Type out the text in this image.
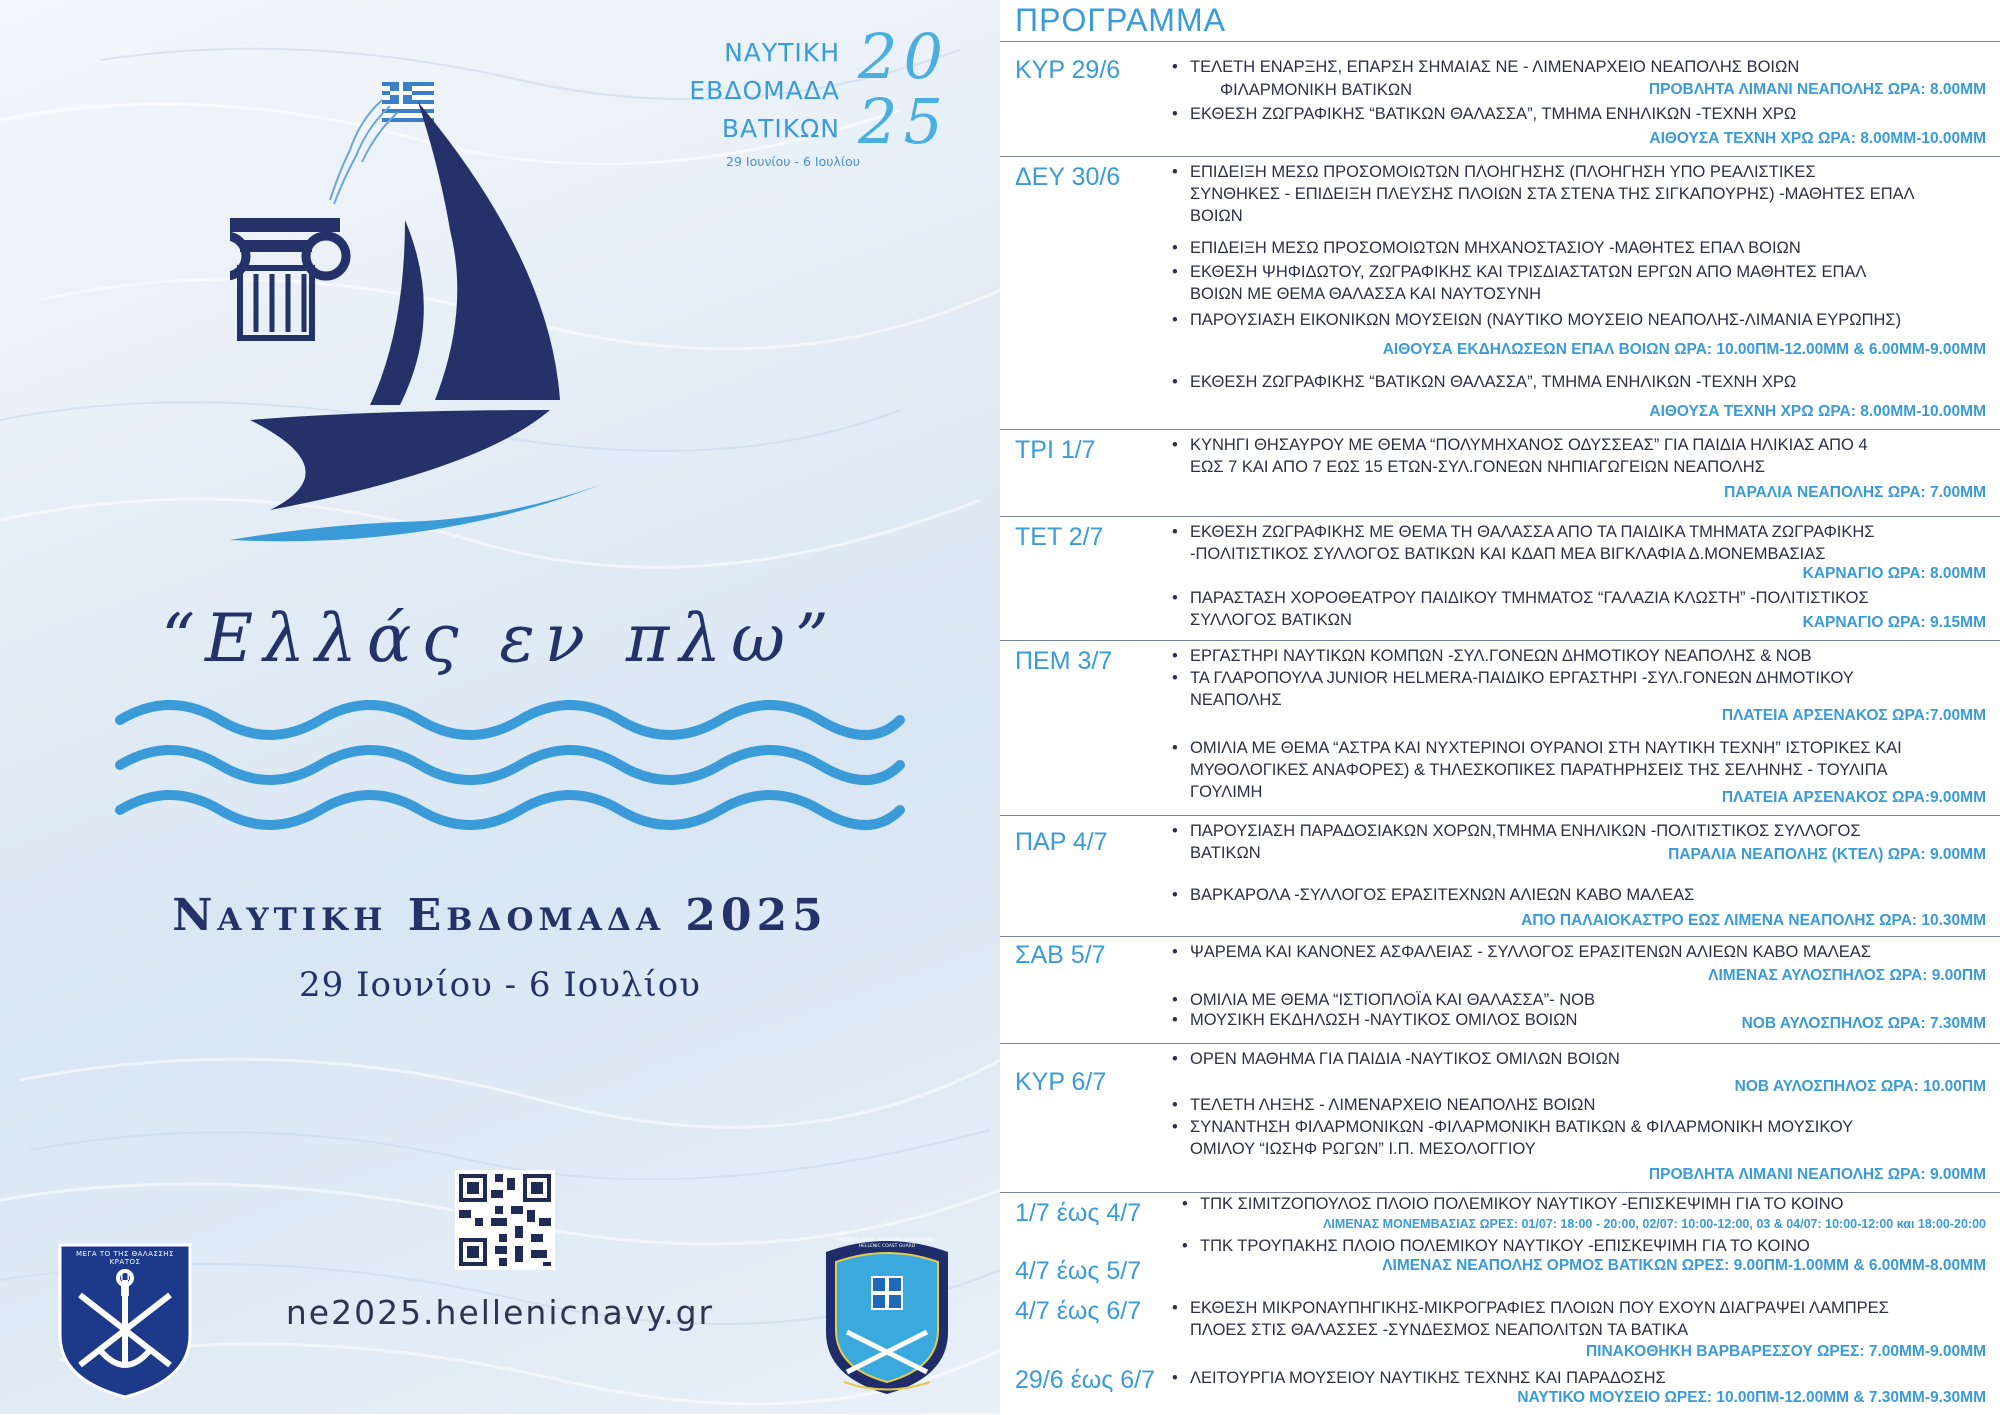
ΝΑΥΤΙΚΗ
ΕΒΔΟΜΑΔΑ
ΒΑΤΙΚΩΝ
20
25
29 Ιουνίου - 6 Ιουλίου
“Ελλάς εν πλω”
Ναυτικη Εβδομαδα 2025
29 Ιουνίου - 6 Ιουλίου
ne2025.hellenicnavy.gr
ΜΕΓΑ ΤΟ ΤΗΣ ΘΑΛΑΣΣΗΣ ΚΡΑΤΟΣ
Π Ν
ΛΙΜΕΝΙΚΟ ΣΩΜΑ - ΕΛΛΗΝΙΚΗ ΑΚΤΟΦΥΛΑΚΗ · HELLENIC COAST GUARD
ΠΡΟΓΡΑΜΜΑ
ΚΥΡ 29/6	• ΤΕΛΕΤΗ ΕΝΑΡΞΗΣ, ΕΠΑΡΣΗ ΣΗΜΑΙΑΣ ΝΕ - ΛΙΜΕΝΑΡΧΕΙΟ ΝΕΑΠΟΛΗΣ ΒΟΙΩΝ
ΦΙΛΑΡΜΟΝΙΚΗ ΒΑΤΙΚΩΝ	ΠΡΟΒΛΗΤΑ ΛΙΜΑΝΙ ΝΕΑΠΟΛΗΣ ΩΡΑ: 8.00ΜΜ
• ΕΚΘΕΣΗ ΖΩΓΡΑΦΙΚΗΣ “ΒΑΤΙΚΩΝ ΘΑΛΑΣΣΑ”, ΤΜΗΜΑ ΕΝΗΛΙΚΩΝ -ΤΕΧΝΗ ΧΡΩ
ΑΙΘΟΥΣΑ ΤΕΧΝΗ ΧΡΩ ΩΡΑ: 8.00ΜΜ-10.00ΜΜ
ΔΕΥ 30/6	• ΕΠΙΔΕΙΞΗ ΜΕΣΩ ΠΡΟΣΟΜΟΙΩΤΩΝ ΠΛΟΗΓΗΣΗΣ (ΠΛΟΗΓΗΣΗ ΥΠΟ ΡΕΑΛΙΣΤΙΚΕΣ
ΣΥΝΘΗΚΕΣ - ΕΠΙΔΕΙΞΗ ΠΛΕΥΣΗΣ ΠΛΟΙΩΝ ΣΤΑ ΣΤΕΝΑ ΤΗΣ ΣΙΓΚΑΠΟΥΡΗΣ) -ΜΑΘΗΤΕΣ ΕΠΑΛ
ΒΟΙΩΝ
• ΕΠΙΔΕΙΞΗ ΜΕΣΩ ΠΡΟΣΟΜΟΙΩΤΩΝ ΜΗΧΑΝΟΣΤΑΣΙΟΥ -ΜΑΘΗΤΕΣ ΕΠΑΛ ΒΟΙΩΝ
• ΕΚΘΕΣΗ ΨΗΦΙΔΩΤΟΥ, ΖΩΓΡΑΦΙΚΗΣ ΚΑΙ ΤΡΙΣΔΙΑΣΤΑΤΩΝ ΕΡΓΩΝ ΑΠΟ ΜΑΘΗΤΕΣ ΕΠΑΛ
ΒΟΙΩΝ ΜΕ ΘΕΜΑ ΘΑΛΑΣΣΑ ΚΑΙ ΝΑΥΤΟΣΥΝΗ
• ΠΑΡΟΥΣΙΑΣΗ ΕΙΚΟΝΙΚΩΝ ΜΟΥΣΕΙΩΝ (ΝΑΥΤΙΚΟ ΜΟΥΣΕΙΟ ΝΕΑΠΟΛΗΣ-ΛΙΜΑΝΙΑ ΕΥΡΩΠΗΣ)
ΑΙΘΟΥΣΑ ΕΚΔΗΛΩΣΕΩΝ ΕΠΑΛ ΒΟΙΩΝ ΩΡΑ: 10.00ΠΜ-12.00ΜΜ & 6.00ΜΜ-9.00ΜΜ
• ΕΚΘΕΣΗ ΖΩΓΡΑΦΙΚΗΣ “ΒΑΤΙΚΩΝ ΘΑΛΑΣΣΑ”, ΤΜΗΜΑ ΕΝΗΛΙΚΩΝ -ΤΕΧΝΗ ΧΡΩ
ΑΙΘΟΥΣΑ ΤΕΧΝΗ ΧΡΩ ΩΡΑ: 8.00ΜΜ-10.00ΜΜ
ΤΡΙ 1/7	• ΚΥΝΗΓΙ ΘΗΣΑΥΡΟΥ ΜΕ ΘΕΜΑ “ΠΟΛΥΜΗΧΑΝΟΣ ΟΔΥΣΣΕΑΣ” ΓΙΑ ΠΑΙΔΙΑ ΗΛΙΚΙΑΣ ΑΠΟ 4
ΕΩΣ 7 ΚΑΙ ΑΠΟ 7 ΕΩΣ 15 ΕΤΩΝ-ΣΥΛ.ΓΟΝΕΩΝ ΝΗΠΙΑΓΩΓΕΙΩΝ ΝΕΑΠΟΛΗΣ
ΠΑΡΑΛΙΑ ΝΕΑΠΟΛΗΣ ΩΡΑ: 7.00ΜΜ
ΤΕΤ 2/7	• ΕΚΘΕΣΗ ΖΩΓΡΑΦΙΚΗΣ ΜΕ ΘΕΜΑ ΤΗ ΘΑΛΑΣΣΑ ΑΠΟ ΤΑ ΠΑΙΔΙΚΑ ΤΜΗΜΑΤΑ ΖΩΓΡΑΦΙΚΗΣ
-ΠΟΛΙΤΙΣΤΙΚΟΣ ΣΥΛΛΟΓΟΣ ΒΑΤΙΚΩΝ ΚΑΙ ΚΔΑΠ ΜΕΑ ΒΙΓΚΛΑΦΙΑ Δ.ΜΟΝΕΜΒΑΣΙΑΣ
ΚΑΡΝΑΓΙΟ ΩΡΑ: 8.00ΜΜ
• ΠΑΡΑΣΤΑΣΗ ΧΟΡΟΘΕΑΤΡΟΥ ΠΑΙΔΙΚΟΥ ΤΜΗΜΑΤΟΣ “ΓΑΛΑΖΙΑ ΚΛΩΣΤΗ” -ΠΟΛΙΤΙΣΤΙΚΟΣ
ΣΥΛΛΟΓΟΣ ΒΑΤΙΚΩΝ	ΚΑΡΝΑΓΙΟ ΩΡΑ: 9.15ΜΜ
ΠΕΜ 3/7	• ΕΡΓΑΣΤΗΡΙ ΝΑΥΤΙΚΩΝ ΚΟΜΠΩΝ -ΣΥΛ.ΓΟΝΕΩΝ ΔΗΜΟΤΙΚΟΥ ΝΕΑΠΟΛΗΣ & ΝΟΒ
• ΤΑ ΓΛΑΡΟΠΟΥΛΑ JUNIOR HELMERA-ΠΑΙΔΙΚΟ ΕΡΓΑΣΤΗΡΙ -ΣΥΛ.ΓΟΝΕΩΝ ΔΗΜΟΤΙΚΟΥ
ΝΕΑΠΟΛΗΣ
ΠΛΑΤΕΙΑ ΑΡΣΕΝΑΚΟΣ ΩΡΑ:7.00ΜΜ
• ΟΜΙΛΙΑ ΜΕ ΘΕΜΑ “ΑΣΤΡΑ ΚΑΙ ΝΥΧΤΕΡΙΝΟΙ ΟΥΡΑΝΟΙ ΣΤΗ ΝΑΥΤΙΚΗ ΤΕΧΝΗ” ΙΣΤΟΡΙΚΕΣ ΚΑΙ
ΜΥΘΟΛΟΓΙΚΕΣ ΑΝΑΦΟΡΕΣ) & ΤΗΛΕΣΚΟΠΙΚΕΣ ΠΑΡΑΤΗΡΗΣΕΙΣ ΤΗΣ ΣΕΛΗΝΗΣ - ΤΟΥΛΙΠΑ
ΓΟΥΛΙΜΗ	ΠΛΑΤΕΙΑ ΑΡΣΕΝΑΚΟΣ ΩΡΑ:9.00ΜΜ
ΠΑΡ 4/7	• ΠΑΡΟΥΣΙΑΣΗ ΠΑΡΑΔΟΣΙΑΚΩΝ ΧΟΡΩΝ,ΤΜΗΜΑ ΕΝΗΛΙΚΩΝ -ΠΟΛΙΤΙΣΤΙΚΟΣ ΣΥΛΛΟΓΟΣ
ΒΑΤΙΚΩΝ	ΠΑΡΑΛΙΑ ΝΕΑΠΟΛΗΣ (ΚΤΕΛ) ΩΡΑ: 9.00ΜΜ
• ΒΑΡΚΑΡΟΛΑ -ΣΥΛΛΟΓΟΣ ΕΡΑΣΙΤΕΧΝΩΝ ΑΛΙΕΩΝ ΚΑΒΟ ΜΑΛΕΑΣ
ΑΠΟ ΠΑΛΑΙΟΚΑΣΤΡΟ ΕΩΣ ΛΙΜΕΝΑ ΝΕΑΠΟΛΗΣ ΩΡΑ: 10.30ΜΜ
ΣΑΒ 5/7	• ΨΑΡΕΜΑ ΚΑΙ ΚΑΝΟΝΕΣ ΑΣΦΑΛΕΙΑΣ - ΣΥΛΛΟΓΟΣ ΕΡΑΣΙΤΕΝΩΝ ΑΛΙΕΩΝ ΚΑΒΟ ΜΑΛΕΑΣ
ΛΙΜΕΝΑΣ ΑΥΛΟΣΠΗΛΟΣ ΩΡΑ: 9.00ΠΜ
• ΟΜΙΛΙΑ ΜΕ ΘΕΜΑ “ΙΣΤΙΟΠΛΟΪΑ ΚΑΙ ΘΑΛΑΣΣΑ”- ΝΟΒ
• ΜΟΥΣΙΚΗ ΕΚΔΗΛΩΣΗ -ΝΑΥΤΙΚΟΣ ΟΜΙΛΟΣ ΒΟΙΩΝ	ΝΟΒ ΑΥΛΟΣΠΗΛΟΣ ΩΡΑ: 7.30ΜΜ
ΚΥΡ 6/7
• OPEN ΜΑΘΗΜΑ ΓΙΑ ΠΑΙΔΙΑ -ΝΑΥΤΙΚΟΣ ΟΜΙΛΩΝ ΒΟΙΩΝ
ΝΟΒ ΑΥΛΟΣΠΗΛΟΣ ΩΡΑ: 10.00ΠΜ
• ΤΕΛΕΤΗ ΛΗΞΗΣ - ΛΙΜΕΝΑΡΧΕΙΟ ΝΕΑΠΟΛΗΣ ΒΟΙΩΝ
• ΣΥΝΑΝΤΗΣΗ ΦΙΛΑΡΜΟΝΙΚΩΝ -ΦΙΛΑΡΜΟΝΙΚΗ ΒΑΤΙΚΩΝ & ΦΙΛΑΡΜΟΝΙΚΗ ΜΟΥΣΙΚΟΥ
ΟΜΙΛΟΥ “ΙΩΣΗΦ ΡΩΓΩΝ” Ι.Π. ΜΕΣΟΛΟΓΓΙΟΥ
ΠΡΟΒΛΗΤΑ ΛΙΜΑΝΙ ΝΕΑΠΟΛΗΣ ΩΡΑ: 9.00ΜΜ
1/7 έως 4/7 • ΤΠΚ ΣΙΜΙΤΖΟΠΟΥΛΟΣ ΠΛΟΙΟ ΠΟΛΕΜΙΚΟΥ ΝΑΥΤΙΚΟΥ -ΕΠΙΣΚΕΨΙΜΗ ΓΙΑ ΤΟ ΚΟΙΝΟ
ΛΙΜΕΝΑΣ ΜΟΝΕΜΒΑΣΙΑΣ ΩΡΕΣ: 01/07: 18:00 - 20:00, 02/07: 10:00-12:00, 03 & 04/07: 10:00-12:00 και 18:00-20:00
4/7 έως 5/7
• ΤΠΚ ΤΡΟΥΠΑΚΗΣ ΠΛΟΙΟ ΠΟΛΕΜΙΚΟΥ ΝΑΥΤΙΚΟΥ -ΕΠΙΣΚΕΨΙΜΗ ΓΙΑ ΤΟ ΚΟΙΝΟ
ΛΙΜΕΝΑΣ ΝΕΑΠΟΛΗΣ ΟΡΜΟΣ ΒΑΤΙΚΩΝ ΩΡΕΣ: 9.00ΠΜ-1.00ΜΜ & 6.00ΜΜ-8.00ΜΜ
4/7 έως 6/7 • ΕΚΘΕΣΗ ΜΙΚΡΟΝΑΥΠΗΓΙΚΗΣ-ΜΙΚΡΟΓΡΑΦΙΕΣ ΠΛΟΙΩΝ ΠΟΥ ΕΧΟΥΝ ΔΙΑΓΡΑΨΕΙ ΛΑΜΠΡΕΣ
ΠΛΟΕΣ ΣΤΙΣ ΘΑΛΑΣΣΕΣ -ΣΥΝΔΕΣΜΟΣ ΝΕΑΠΟΛΙΤΩΝ ΤΑ ΒΑΤΙΚΑ
ΠΙΝΑΚΟΘΗΚΗ ΒΑΡΒΑΡΕΣΣΟΥ ΩΡΕΣ: 7.00ΜΜ-9.00ΜΜ
29/6 έως 6/7 • ΛΕΙΤΟΥΡΓΙΑ ΜΟΥΣΕΙΟΥ ΝΑΥΤΙΚΗΣ ΤΕΧΝΗΣ ΚΑΙ ΠΑΡΑΔΟΣΗΣ
ΝΑΥΤΙΚΟ ΜΟΥΣΕΙΟ ΩΡΕΣ: 10.00ΠΜ-12.00ΜΜ & 7.30ΜΜ-9.30ΜΜ
